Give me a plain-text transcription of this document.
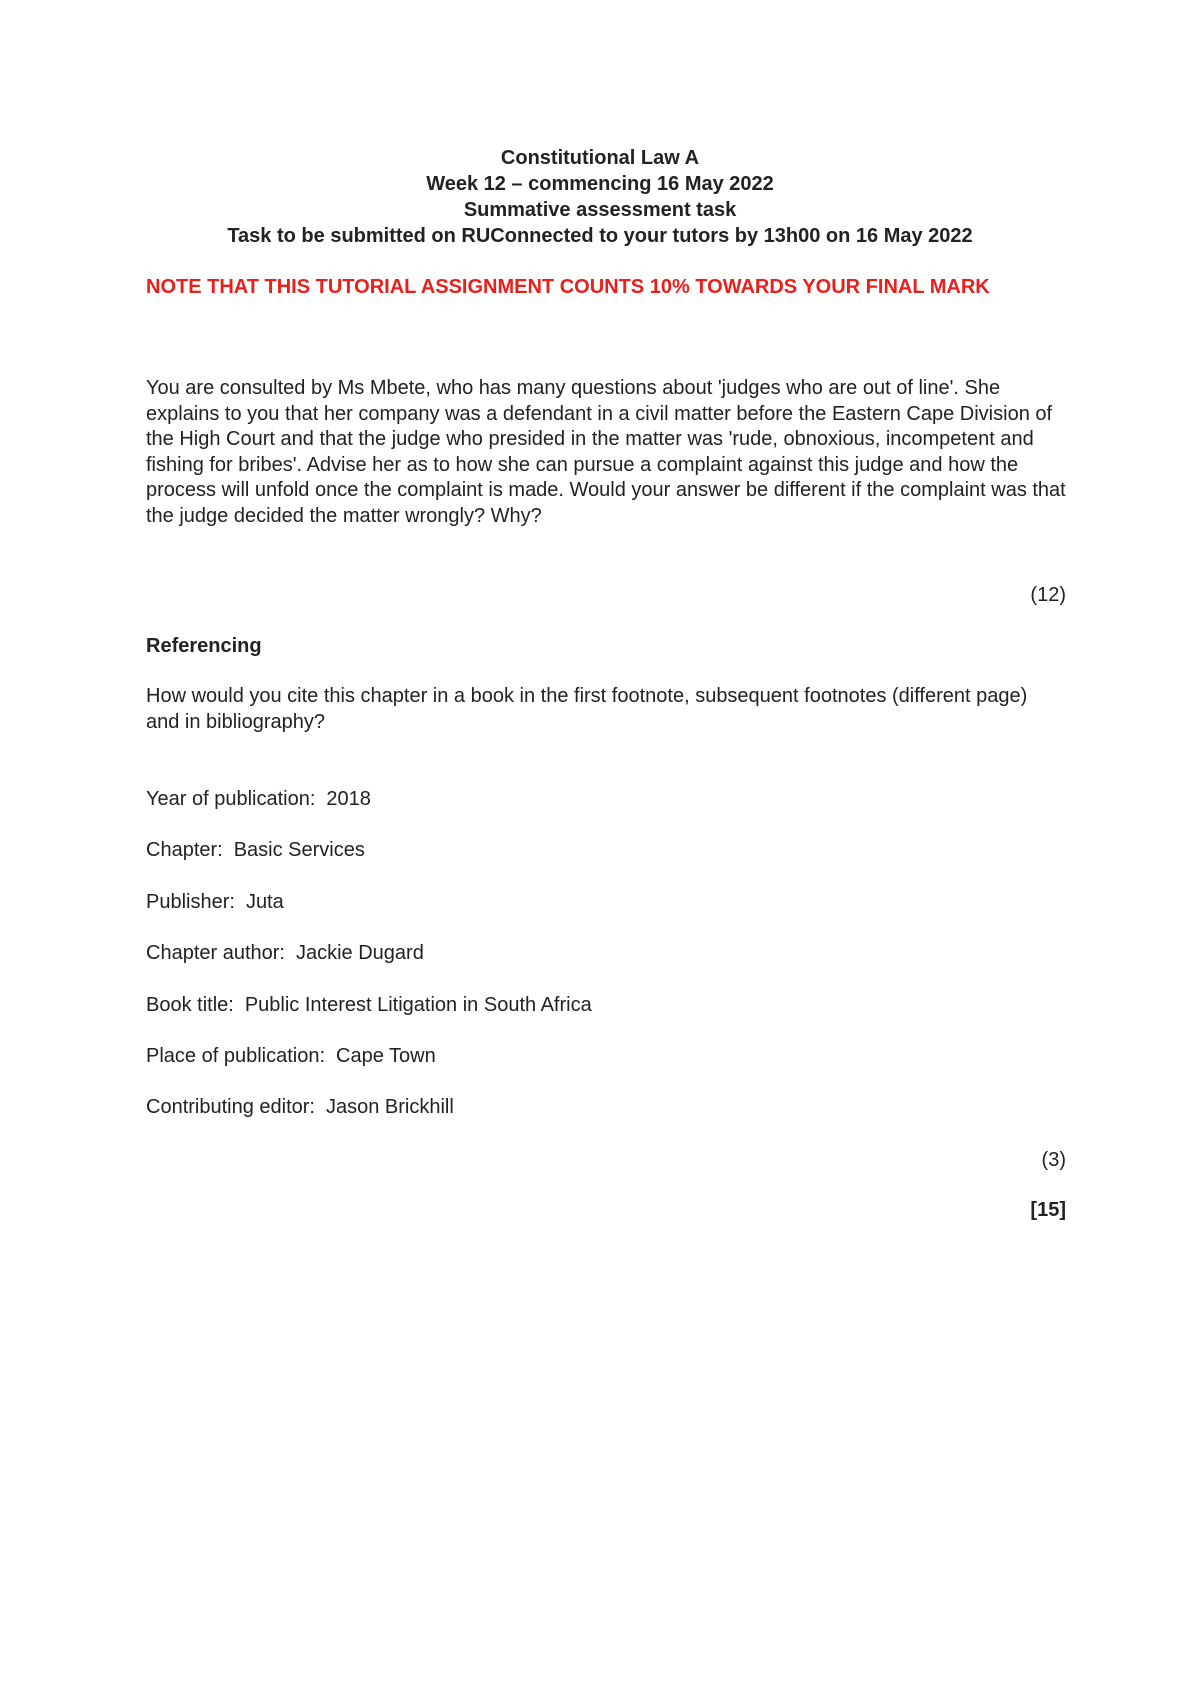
Constitutional Law A
Week 12 – commencing 16 May 2022
Summative assessment task
Task to be submitted on RUConnected to your tutors by 13h00 on 16 May 2022
NOTE THAT THIS TUTORIAL ASSIGNMENT COUNTS 10% TOWARDS YOUR FINAL MARK
You are consulted by Ms Mbete, who has many questions about 'judges who are out of line'. She explains to you that her company was a defendant in a civil matter before the Eastern Cape Division of the High Court and that the judge who presided in the matter was 'rude, obnoxious, incompetent and fishing for bribes'. Advise her as to how she can pursue a complaint against this judge and how the process will unfold once the complaint is made. Would your answer be different if the complaint was that the judge decided the matter wrongly? Why?
(12)
Referencing
How would you cite this chapter in a book in the first footnote, subsequent footnotes (different page) and in bibliography?
Year of publication: 2018
Chapter: Basic Services
Publisher: Juta
Chapter author: Jackie Dugard
Book title: Public Interest Litigation in South Africa
Place of publication: Cape Town
Contributing editor: Jason Brickhill
(3)
[15]
